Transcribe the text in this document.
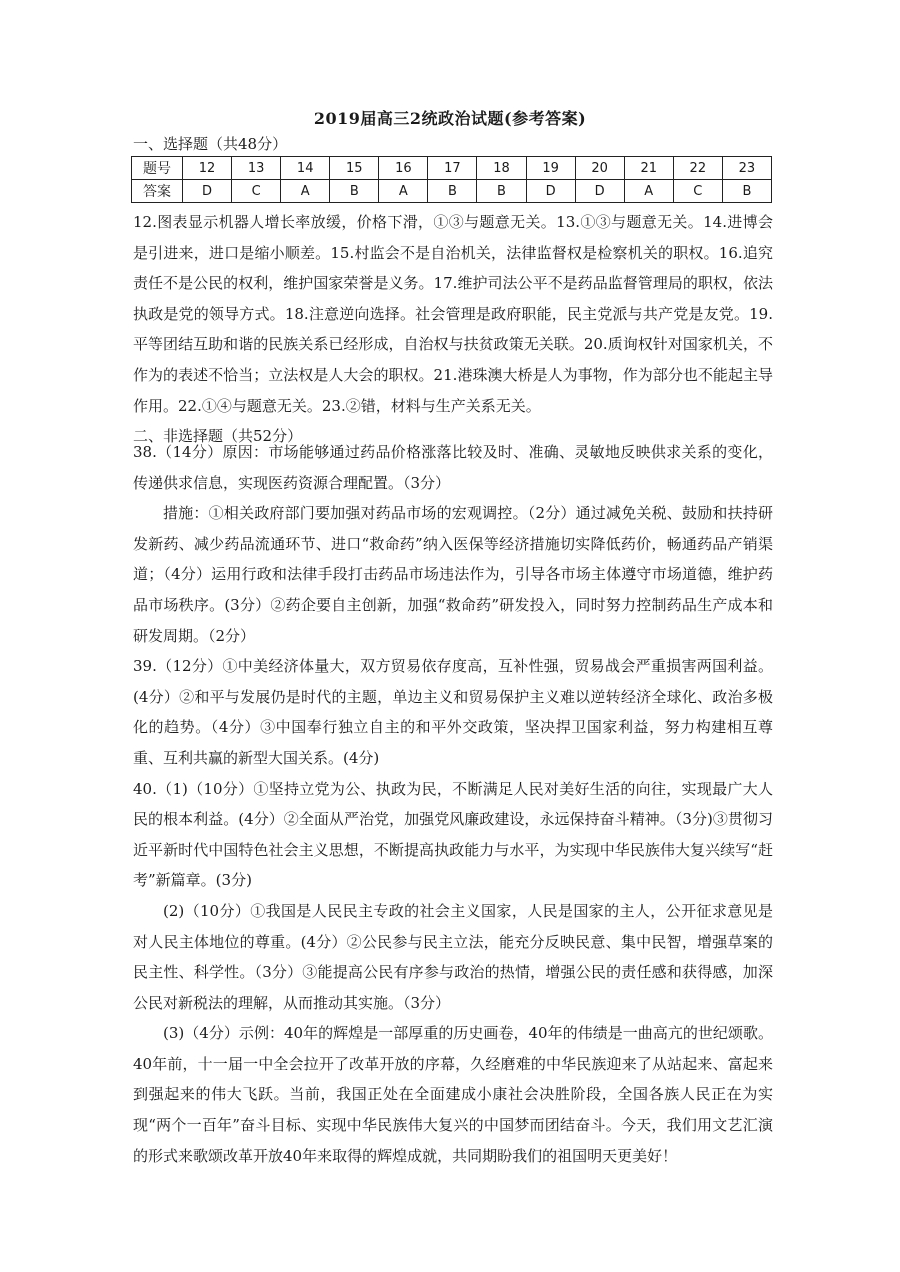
2019届高三2统政治试题(参考答案)
一、选择题（共48分）
题号	12	13	14	15	16	17	18	19	20	21	22	23
答案	D	C	A	B	A	B	B	D	D	A	C	B

12.图表显示机器人增长率放缓，价格下滑，①③与题意无关。13.①③与题意无关。14.进博会是引进来，进口是缩小顺差。15.村监会不是自治机关，法律监督权是检察机关的职权。16.追究责任不是公民的权利，维护国家荣誉是义务。17.维护司法公平不是药品监督管理局的职权，依法执政是党的领导方式。18.注意逆向选择。社会管理是政府职能，民主党派与共产党是友党。19.平等团结互助和谐的民族关系已经形成，自治权与扶贫政策无关联。20.质询权针对国家机关，不作为的表述不恰当；立法权是人大会的职权。21.港珠澳大桥是人为事物，作为部分也不能起主导作用。22.①④与题意无关。23.②错，材料与生产关系无关。

二、非选择题（共52分）

38.（14分）原因：市场能够通过药品价格涨落比较及时、准确、灵敏地反映供求关系的变化，传递供求信息，实现医药资源合理配置。（3分）

措施：①相关政府部门要加强对药品市场的宏观调控。（2分）通过减免关税、鼓励和扶持研发新药、减少药品流通环节、进口“救命药”纳入医保等经济措施切实降低药价，畅通药品产销渠道；（4分）运用行政和法律手段打击药品市场违法作为，引导各市场主体遵守市场道德，维护药品市场秩序。(3分）②药企要自主创新，加强“救命药”研发投入，同时努力控制药品生产成本和研发周期。（2分）

39.（12分）①中美经济体量大，双方贸易依存度高，互补性强，贸易战会严重损害两国利益。(4分）②和平与发展仍是时代的主题，单边主义和贸易保护主义难以逆转经济全球化、政治多极化的趋势。（4分）③中国奉行独立自主的和平外交政策，坚决捍卫国家利益，努力构建相互尊重、互利共赢的新型大国关系。(4分)

40.（1)（10分）①坚持立党为公、执政为民，不断满足人民对美好生活的向往，实现最广大人民的根本利益。(4分）②全面从严治党，加强党风廉政建设，永远保持奋斗精神。（3分)③贯彻习近平新时代中国特色社会主义思想，不断提高执政能力与水平，为实现中华民族伟大复兴续写“赶考”新篇章。(3分)

(2)（10分）①我国是人民民主专政的社会主义国家，人民是国家的主人，公开征求意见是对人民主体地位的尊重。(4分）②公民参与民主立法，能充分反映民意、集中民智，增强草案的民主性、科学性。（3分）③能提高公民有序参与政治的热情，增强公民的责任感和获得感，加深公民对新税法的理解，从而推动其实施。（3分）

(3)（4分）示例：40年的辉煌是一部厚重的历史画卷，40年的伟绩是一曲高亢的世纪颂歌。40年前，十一届一中全会拉开了改革开放的序幕，久经磨难的中华民族迎来了从站起来、富起来到强起来的伟大飞跃。当前，我国正处在全面建成小康社会决胜阶段，全国各族人民正在为实现“两个一百年”奋斗目标、实现中华民族伟大复兴的中国梦而团结奋斗。今天，我们用文艺汇演的形式来歌颂改革开放40年来取得的辉煌成就，共同期盼我们的祖国明天更美好！
